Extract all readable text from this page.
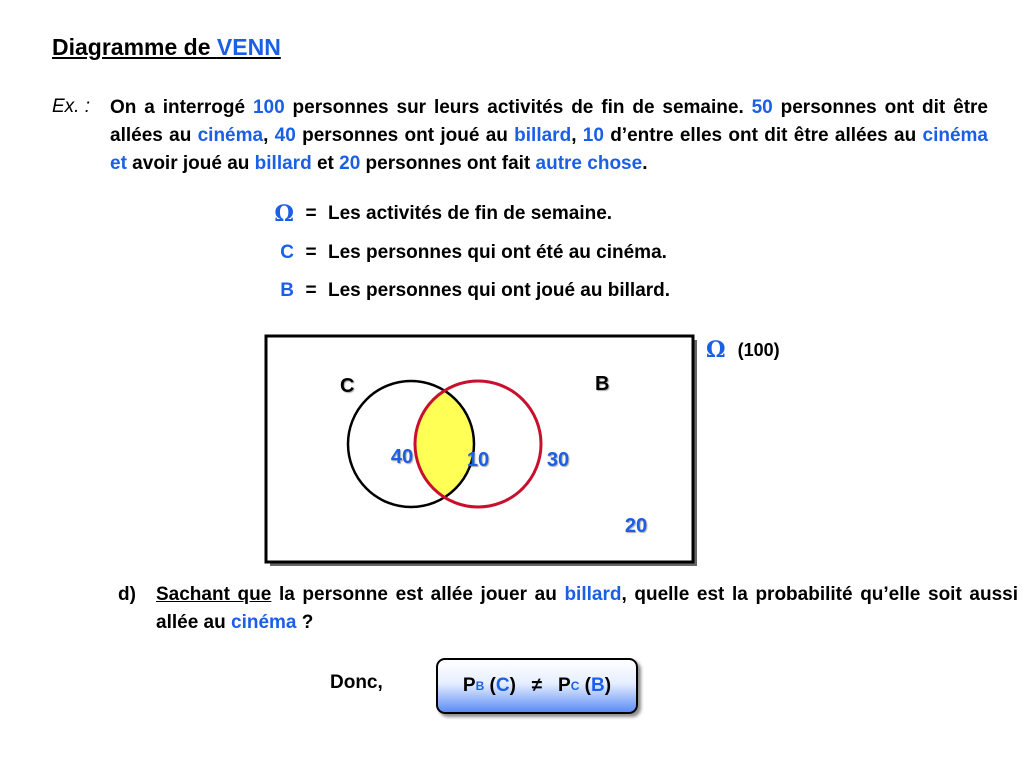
Diagramme de VENN
Ex. : On a interrogé 100 personnes sur leurs activités de fin de semaine. 50 personnes ont dit être allées au cinéma, 40 personnes ont joué au billard, 10 d’entre elles ont dit être allées au cinéma et avoir joué au billard et 20 personnes ont fait autre chose.
Ω = Les activités de fin de semaine.
C = Les personnes qui ont été au cinéma.
B = Les personnes qui ont joué au billard.
C	B
40	10	30
20
Ω (100)
d) Sachant que la personne est allée jouer au billard, quelle est la probabilité qu’elle soit aussi allée au cinéma ?
Donc,	P B ( C ) ≠ P C ( B )
